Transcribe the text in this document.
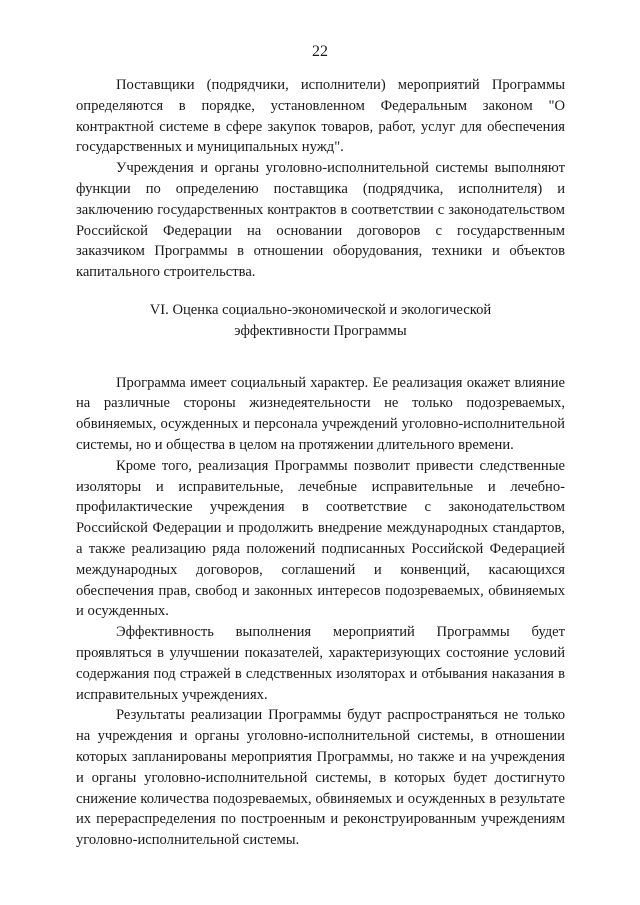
22

Поставщики (подрядчики, исполнители) мероприятий Программы определяются в порядке, установленном Федеральным законом "О контрактной системе в сфере закупок товаров, работ, услуг для обеспечения государственных и муниципальных нужд".

Учреждения и органы уголовно-исполнительной системы выполняют функции по определению поставщика (подрядчика, исполнителя) и заключению государственных контрактов в соответствии с законодательством Российской Федерации на основании договоров с государственным заказчиком Программы в отношении оборудования, техники и объектов капитального строительства.

VI. Оценка социально-экономической и экологической
эффективности Программы

Программа имеет социальный характер. Ее реализация окажет влияние на различные стороны жизнедеятельности не только подозреваемых, обвиняемых, осужденных и персонала учреждений уголовно-исполнительной системы, но и общества в целом на протяжении длительного времени.

Кроме того, реализация Программы позволит привести следственные изоляторы и исправительные, лечебные исправительные и лечебно-профилактические учреждения в соответствие с законодательством Российской Федерации и продолжить внедрение международных стандартов, а также реализацию ряда положений подписанных Российской Федерацией международных договоров, соглашений и конвенций, касающихся обеспечения прав, свобод и законных интересов подозреваемых, обвиняемых и осужденных.

Эффективность выполнения мероприятий Программы будет проявляться в улучшении показателей, характеризующих состояние условий содержания под стражей в следственных изоляторах и отбывания наказания в исправительных учреждениях.

Результаты реализации Программы будут распространяться не только на учреждения и органы уголовно-исполнительной системы, в отношении которых запланированы мероприятия Программы, но также и на учреждения и органы уголовно-исполнительной системы, в которых будет достигнуто снижение количества подозреваемых, обвиняемых и осужденных в результате их перераспределения по построенным и реконструированным учреждениям уголовно-исполнительной системы.
